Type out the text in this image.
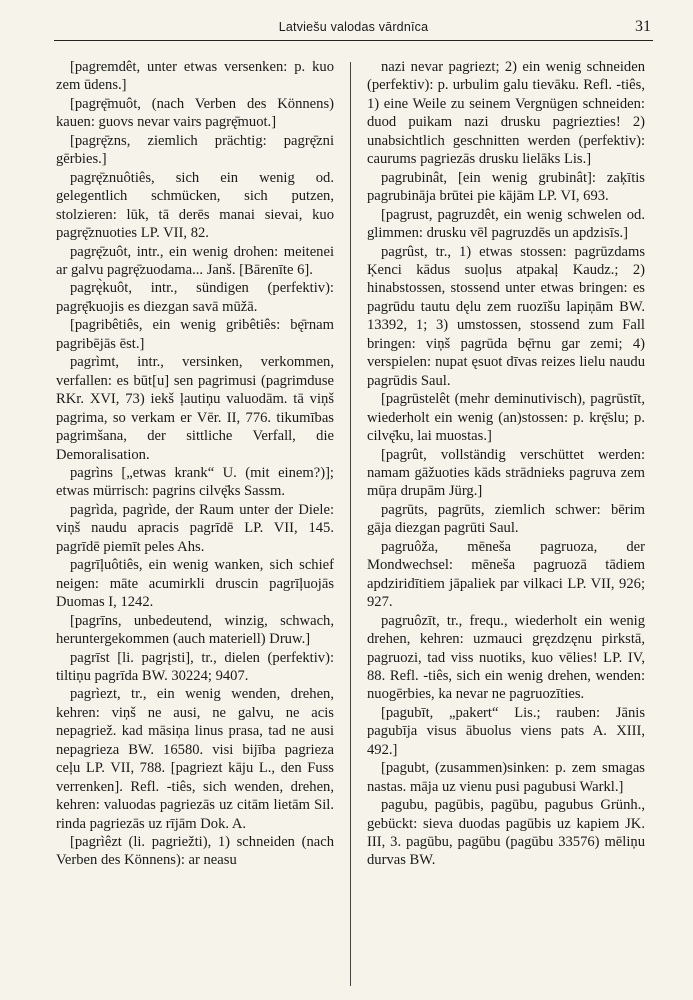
Latviešu valodas vārdnīca	31

[pagremdêt, unter etwas versenken: p. kuo zem ūdens.]

[pagrę̄muôt, (nach Verben des Könnens) kauen: guovs nevar vairs pagrę̄muot.]

[pagrę̄zns, ziemlich prächtig: pagrę̄zni gērbies.]

pagrę̄znuôtiês, sich ein wenig od. gelegentlich schmücken, sich putzen, stolzieren: lūk, tā derēs manai sievai, kuo pagrę̄znuoties LP. VII, 82.

pagrę̄zuôt, intr., ein wenig drohen: meitenei ar galvu pagrę̄zuodama... Janš. [Bārenīte 6].

pagrę̀kuôt, intr., sündigen (perfektiv): pagrę̄kuojis es diezgan savā mūžā.

[pagribêtiês, ein wenig gribêtiês: bę̄rnam pagribējās ēst.]

pagrìmt, intr., versinken, verkommen, verfallen: es būt[u] sen pagrimusi (pagrimduse RKr. XVI, 73) iekš ļautiņu valuodām. tā viņš pagrima, so verkam er Vēr. II, 776. tikumības pagrimšana, der sittliche Verfall, die Demoralisation.

pagrìns [„etwas krank“ U. (mit einem?)]; etwas mürrisch: pagrins cilvę̄ks Sassm.

pagrìda, pagrìde, der Raum unter der Diele: viņš naudu apracis pagrīdē LP. VII, 145. pagrīdē piemīt peles Ahs.

pagrīļuôtiês, ein wenig wanken, sich schief neigen: māte acumirkli druscin pagrīļuojās Duomas I, 1242.

[pagrīns, unbedeutend, winzig, schwach, heruntergekommen (auch materiell) Druw.]

pagrīst [li. pagrįsti], tr., dielen (perfektiv): tiltiņu pagrīda BW. 30224; 9407.

pagrìezt, tr., ein wenig wenden, drehen, kehren: viņš ne ausi, ne galvu, ne acis nepagriež. kad māsiņa linus prasa, tad ne ausi nepagrieza BW. 16580. visi bijība pagrieza ceļu LP. VII, 788. [pagriezt kāju L., den Fuss verrenken]. Refl. -tiês, sich wenden, drehen, kehren: valuodas pagriezās uz citām lietām Sil. rinda pagriezās uz rījām Dok. A.

[pagrìêzt (li. pagriežti), 1) schneiden (nach Verben des Könnens): ar neasu

nazi nevar pagriezt; 2) ein wenig schneiden (perfektiv): p. urbulim galu tievāku. Refl. -tiês, 1) eine Weile zu seinem Vergnügen schneiden: duod puikam nazi drusku pagriezties! 2) unabsichtlich geschnitten werden (perfektiv): caurums pagriezās drusku lielāks Lis.]

pagrubinât, [ein wenig grubinât]: zaķītis pagrubināja brūtei pie kājām LP. VI, 693.

[pagrust, pagruzdêt, ein wenig schwelen od. glimmen: drusku vēl pagruzdēs un apdzisīs.]

pagrûst, tr., 1) etwas stossen: pagrūzdams Ķenci kādus suoļus atpakaļ Kaudz.; 2) hinabstossen, stossend unter etwas bringen: es pagrūdu tautu dęlu zem ruozīšu lapiņām BW. 13392, 1; 3) umstossen, stossend zum Fall bringen: viņš pagrūda bę̄rnu gar zemi; 4) verspielen: nupat ęsuot dīvas reizes lielu naudu pagrūdis Saul.

[pagrūstelêt (mehr deminutivisch), pagrūstīt, wiederholt ein wenig (an)stossen: p. krę̄slu; p. cilvę̄ku, lai muostas.]

[pagrût, vollständig verschüttet werden: namam gāžuoties kāds strādnieks pagruva zem mūŗa drupām Jürg.]

pagrūts, pagrūts, ziemlich schwer: bērim gāja diezgan pagrūti Saul.

pagruôža, mēneša pagruoza, der Mondwechsel: mēneša pagruozā tādiem apdziridītiem jāpaliek par vilkaci LP. VII, 926; 927.

pagruôzīt, tr., frequ., wiederholt ein wenig drehen, kehren: uzmauci gręzdzęnu pirkstā, pagruozi, tad viss nuotiks, kuo vēlies! LP. IV, 88. Refl. -tiês, sich ein wenig drehen, wenden: nuogērbies, ka nevar ne pagruozīties.

[pagubīt, „pakert“ Lis.; rauben: Jānis pagubīja visus ābuolus viens pats A. XIII, 492.]

[pagubt, (zusammen)sinken: p. zem smagas nastas. māja uz vienu pusi pagubusi Warkl.]

pagubu, pagūbis, pagūbu, pagubus Grünh., gebückt: sieva duodas pagūbis uz kapiem JK. III, 3. pagūbu, pagūbu (pagūbu 33576) mēliņu durvas BW.
